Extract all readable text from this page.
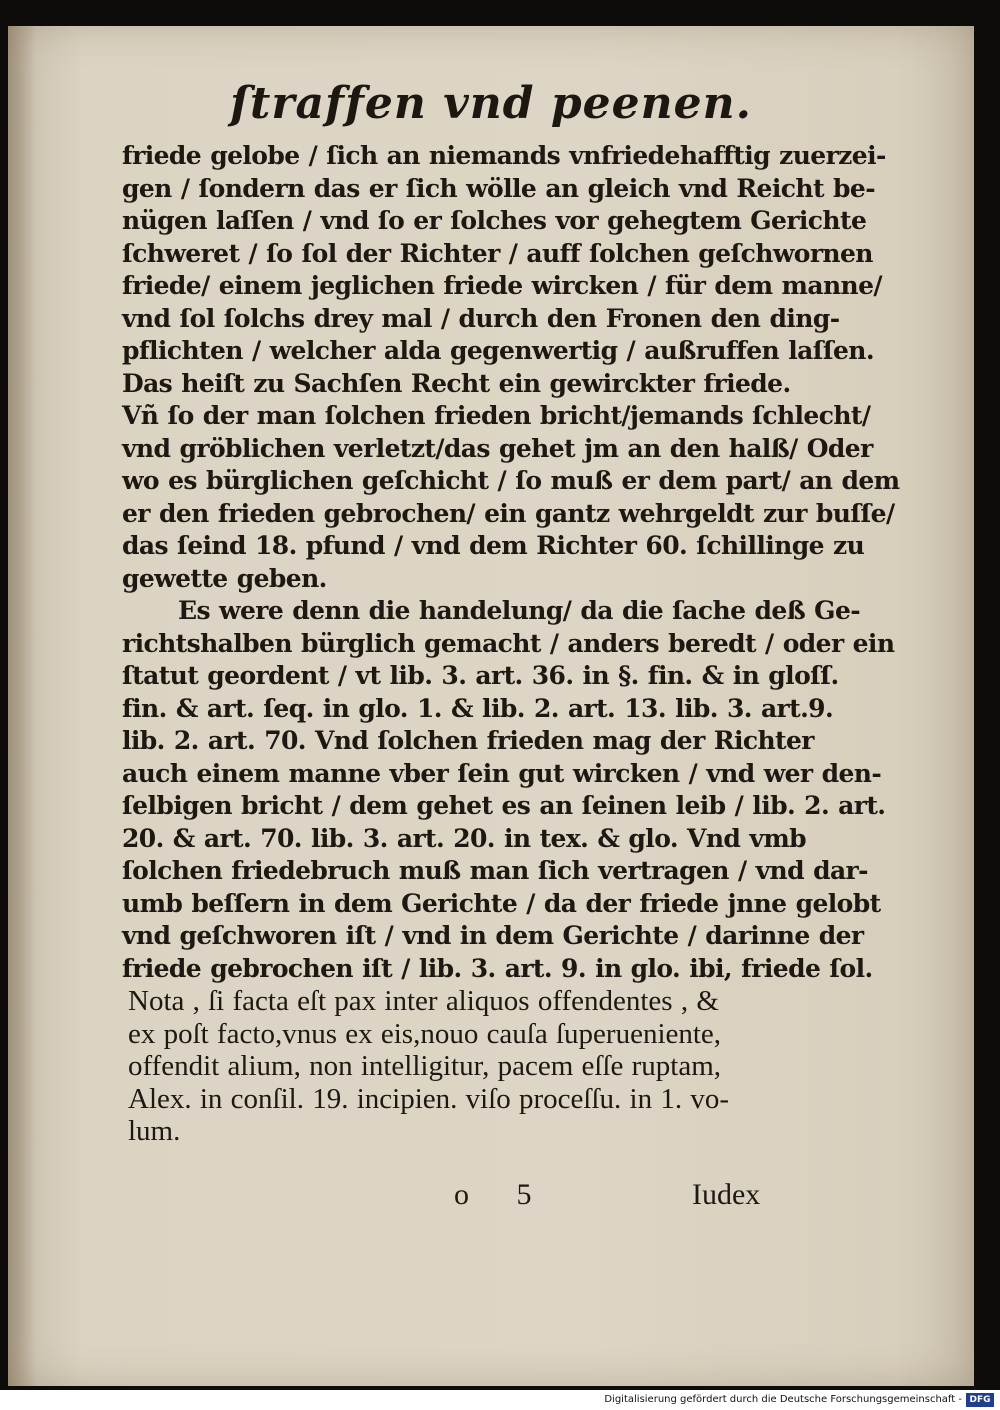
ſtraffen vnd peenen.
friede gelobe / ſich an niemands vnfriedehafftig zuerzei-
gen / ſondern das er ſich wölle an gleich vnd Reicht be-
nügen laſſen / vnd ſo er ſolches vor gehegtem Gerichte
ſchweret / ſo ſol der Richter / auff ſolchen geſchwornen
friede/ einem jeglichen friede wircken / für dem manne/
vnd ſol ſolchs drey mal / durch den Fronen den ding-
pflichten / welcher alda gegenwertig / außruffen laſſen.
Das heiſt zu Sachſen Recht ein gewirckter friede.
Vñ ſo der man ſolchen frieden bricht/jemands ſchlecht/
vnd gröblichen verletzt/das gehet jm an den halß/ Oder
wo es bürglichen geſchicht / ſo muß er dem part/ an dem
er den frieden gebrochen/ ein gantz wehrgeldt zur buſſe/
das ſeind 18. pfund / vnd dem Richter 60. ſchillinge zu
gewette geben.
Es were denn die handelung/ da die ſache deß Ge-
richtshalben bürglich gemacht / anders beredt / oder ein
ſtatut geordent / vt lib. 3. art. 36. in §. fin. & in gloſſ.
fin. & art. ſeq. in glo. 1. & lib. 2. art. 13. lib. 3. art.9.
lib. 2. art. 70. Vnd ſolchen frieden mag der Richter
auch einem manne vber ſein gut wircken / vnd wer den-
ſelbigen bricht / dem gehet es an ſeinen leib / lib. 2. art.
20. & art. 70. lib. 3. art. 20. in tex. & glo. Vnd vmb
ſolchen friedebruch muß man ſich vertragen / vnd dar-
umb beſſern in dem Gerichte / da der friede jnne gelobt
vnd geſchworen iſt / vnd in dem Gerichte / darinne der
friede gebrochen iſt / lib. 3. art. 9. in glo. ibi, friede ſol.
Nota , ſi facta eſt pax inter aliquos offendentes , &
ex poſt facto,vnus ex eis,nouo cauſa ſuperueniente,
offendit alium, non intelligitur, pacem eſſe ruptam,
Alex. in conſil. 19. incipien. viſo proceſſu. in 1. vo-
lum.
o 5	Iudex
Digitalisierung gefördert durch die Deutsche Forschungsgemeinschaft - DFG
